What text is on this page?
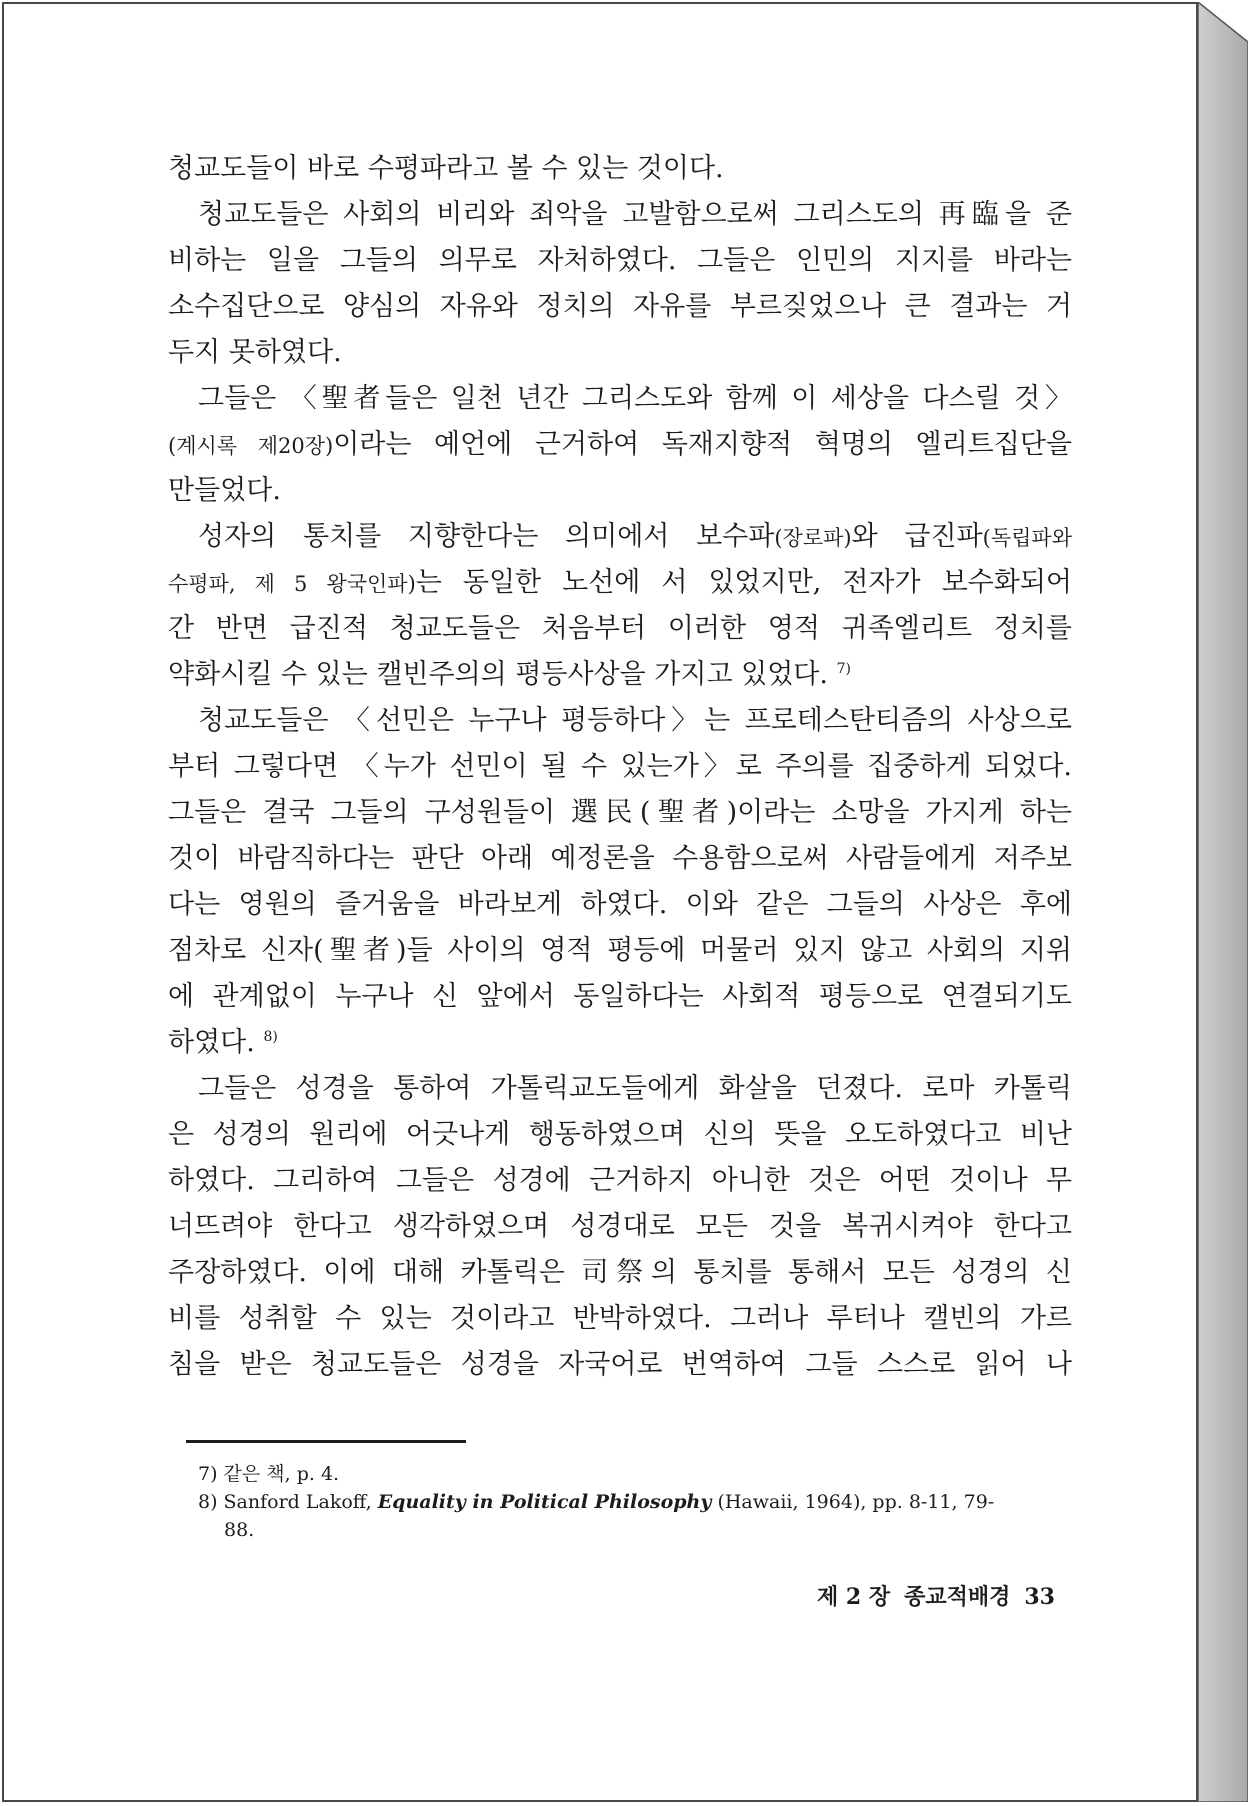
청교도들이 바로 수평파라고 볼 수 있는 것이다.
청교도들은 사회의 비리와 죄악을 고발함으로써 그리스도의 再臨을 준
비하는 일을 그들의 의무로 자처하였다. 그들은 인민의 지지를 바라는
소수집단으로 양심의 자유와 정치의 자유를 부르짖었으나 큰 결과는 거
두지 못하였다.
그들은 〈聖者들은 일천 년간 그리스도와 함께 이 세상을 다스릴 것〉
(계시록 제20장)이라는 예언에 근거하여 독재지향적 혁명의 엘리트집단을
만들었다.
성자의 통치를 지향한다는 의미에서 보수파(장로파)와 급진파(독립파와
수평파, 제 5 왕국인파)는 동일한 노선에 서 있었지만, 전자가 보수화되어
간 반면 급진적 청교도들은 처음부터 이러한 영적 귀족엘리트 정치를
약화시킬 수 있는 캘빈주의의 평등사상을 가지고 있었다. $^{7)}$
청교도들은 〈선민은 누구나 평등하다〉는 프로테스탄티즘의 사상으로
부터 그렇다면 〈누가 선민이 될 수 있는가〉로 주의를 집중하게 되었다.
그들은 결국 그들의 구성원들이 選民(聖者)이라는 소망을 가지게 하는
것이 바람직하다는 판단 아래 예정론을 수용함으로써 사람들에게 저주보
다는 영원의 즐거움을 바라보게 하였다. 이와 같은 그들의 사상은 후에
점차로 신자(聖者)들 사이의 영적 평등에 머물러 있지 않고 사회의 지위
에 관계없이 누구나 신 앞에서 동일하다는 사회적 평등으로 연결되기도
하였다. $^{8)}$
그들은 성경을 통하여 가톨릭교도들에게 화살을 던졌다. 로마 카톨릭
은 성경의 원리에 어긋나게 행동하였으며 신의 뜻을 오도하였다고 비난
하였다. 그리하여 그들은 성경에 근거하지 아니한 것은 어떤 것이나 무
너뜨려야 한다고 생각하였으며 성경대로 모든 것을 복귀시켜야 한다고
주장하였다. 이에 대해 카톨릭은 司祭의 통치를 통해서 모든 성경의 신
비를 성취할 수 있는 것이라고 반박하였다. 그러나 루터나 캘빈의 가르
침을 받은 청교도들은 성경을 자국어로 번역하여 그들 스스로 읽어 나
7) 같은 책, p. 4.
8) Sanford Lakoff, Equality in Political Philosophy (Hawaii, 1964), pp. 8-11, 79-
88.
제 2 장 종교적배경 33
